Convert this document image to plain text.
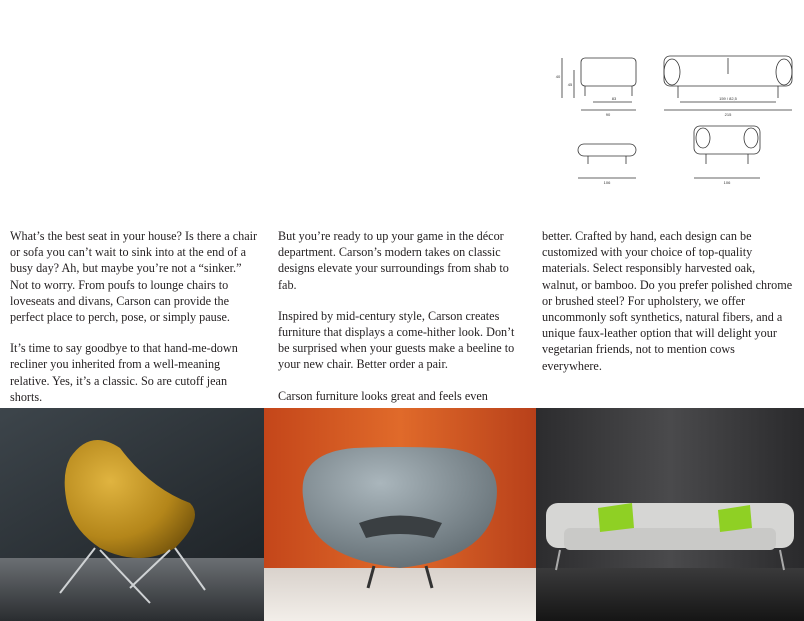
40
45
83
90
159 / 82,5
215
106	106

What’s the best seat in your house? Is there a chair or sofa you can’t wait to sink into at the end of a busy day? Ah, but maybe you’re not a “sinker.” Not to worry. From poufs to lounge chairs to loveseats and divans, Carson can provide the perfect place to perch, pose, or simply pause.

It’s time to say goodbye to that hand-me-down recliner you inherited from a well-meaning relative. Yes, it’s a classic. So are cutoff jean shorts.

But you’re ready to up your game in the décor department. Carson’s modern takes on classic designs elevate your surroundings from shab to fab.

Inspired by mid-century style, Carson creates furniture that displays a come-hither look. Don’t be surprised when your guests make a beeline to your new chair. Better order a pair.

Carson furniture looks great and feels even

better. Crafted by hand, each design can be customized with your choice of top-quality materials. Select responsibly harvested oak, walnut, or bamboo. Do you prefer polished chrome or brushed steel? For upholstery, we offer uncommonly soft synthetics, natural fibers, and a unique faux-leather option that will delight your vegetarian friends, not to mention cows everywhere.
